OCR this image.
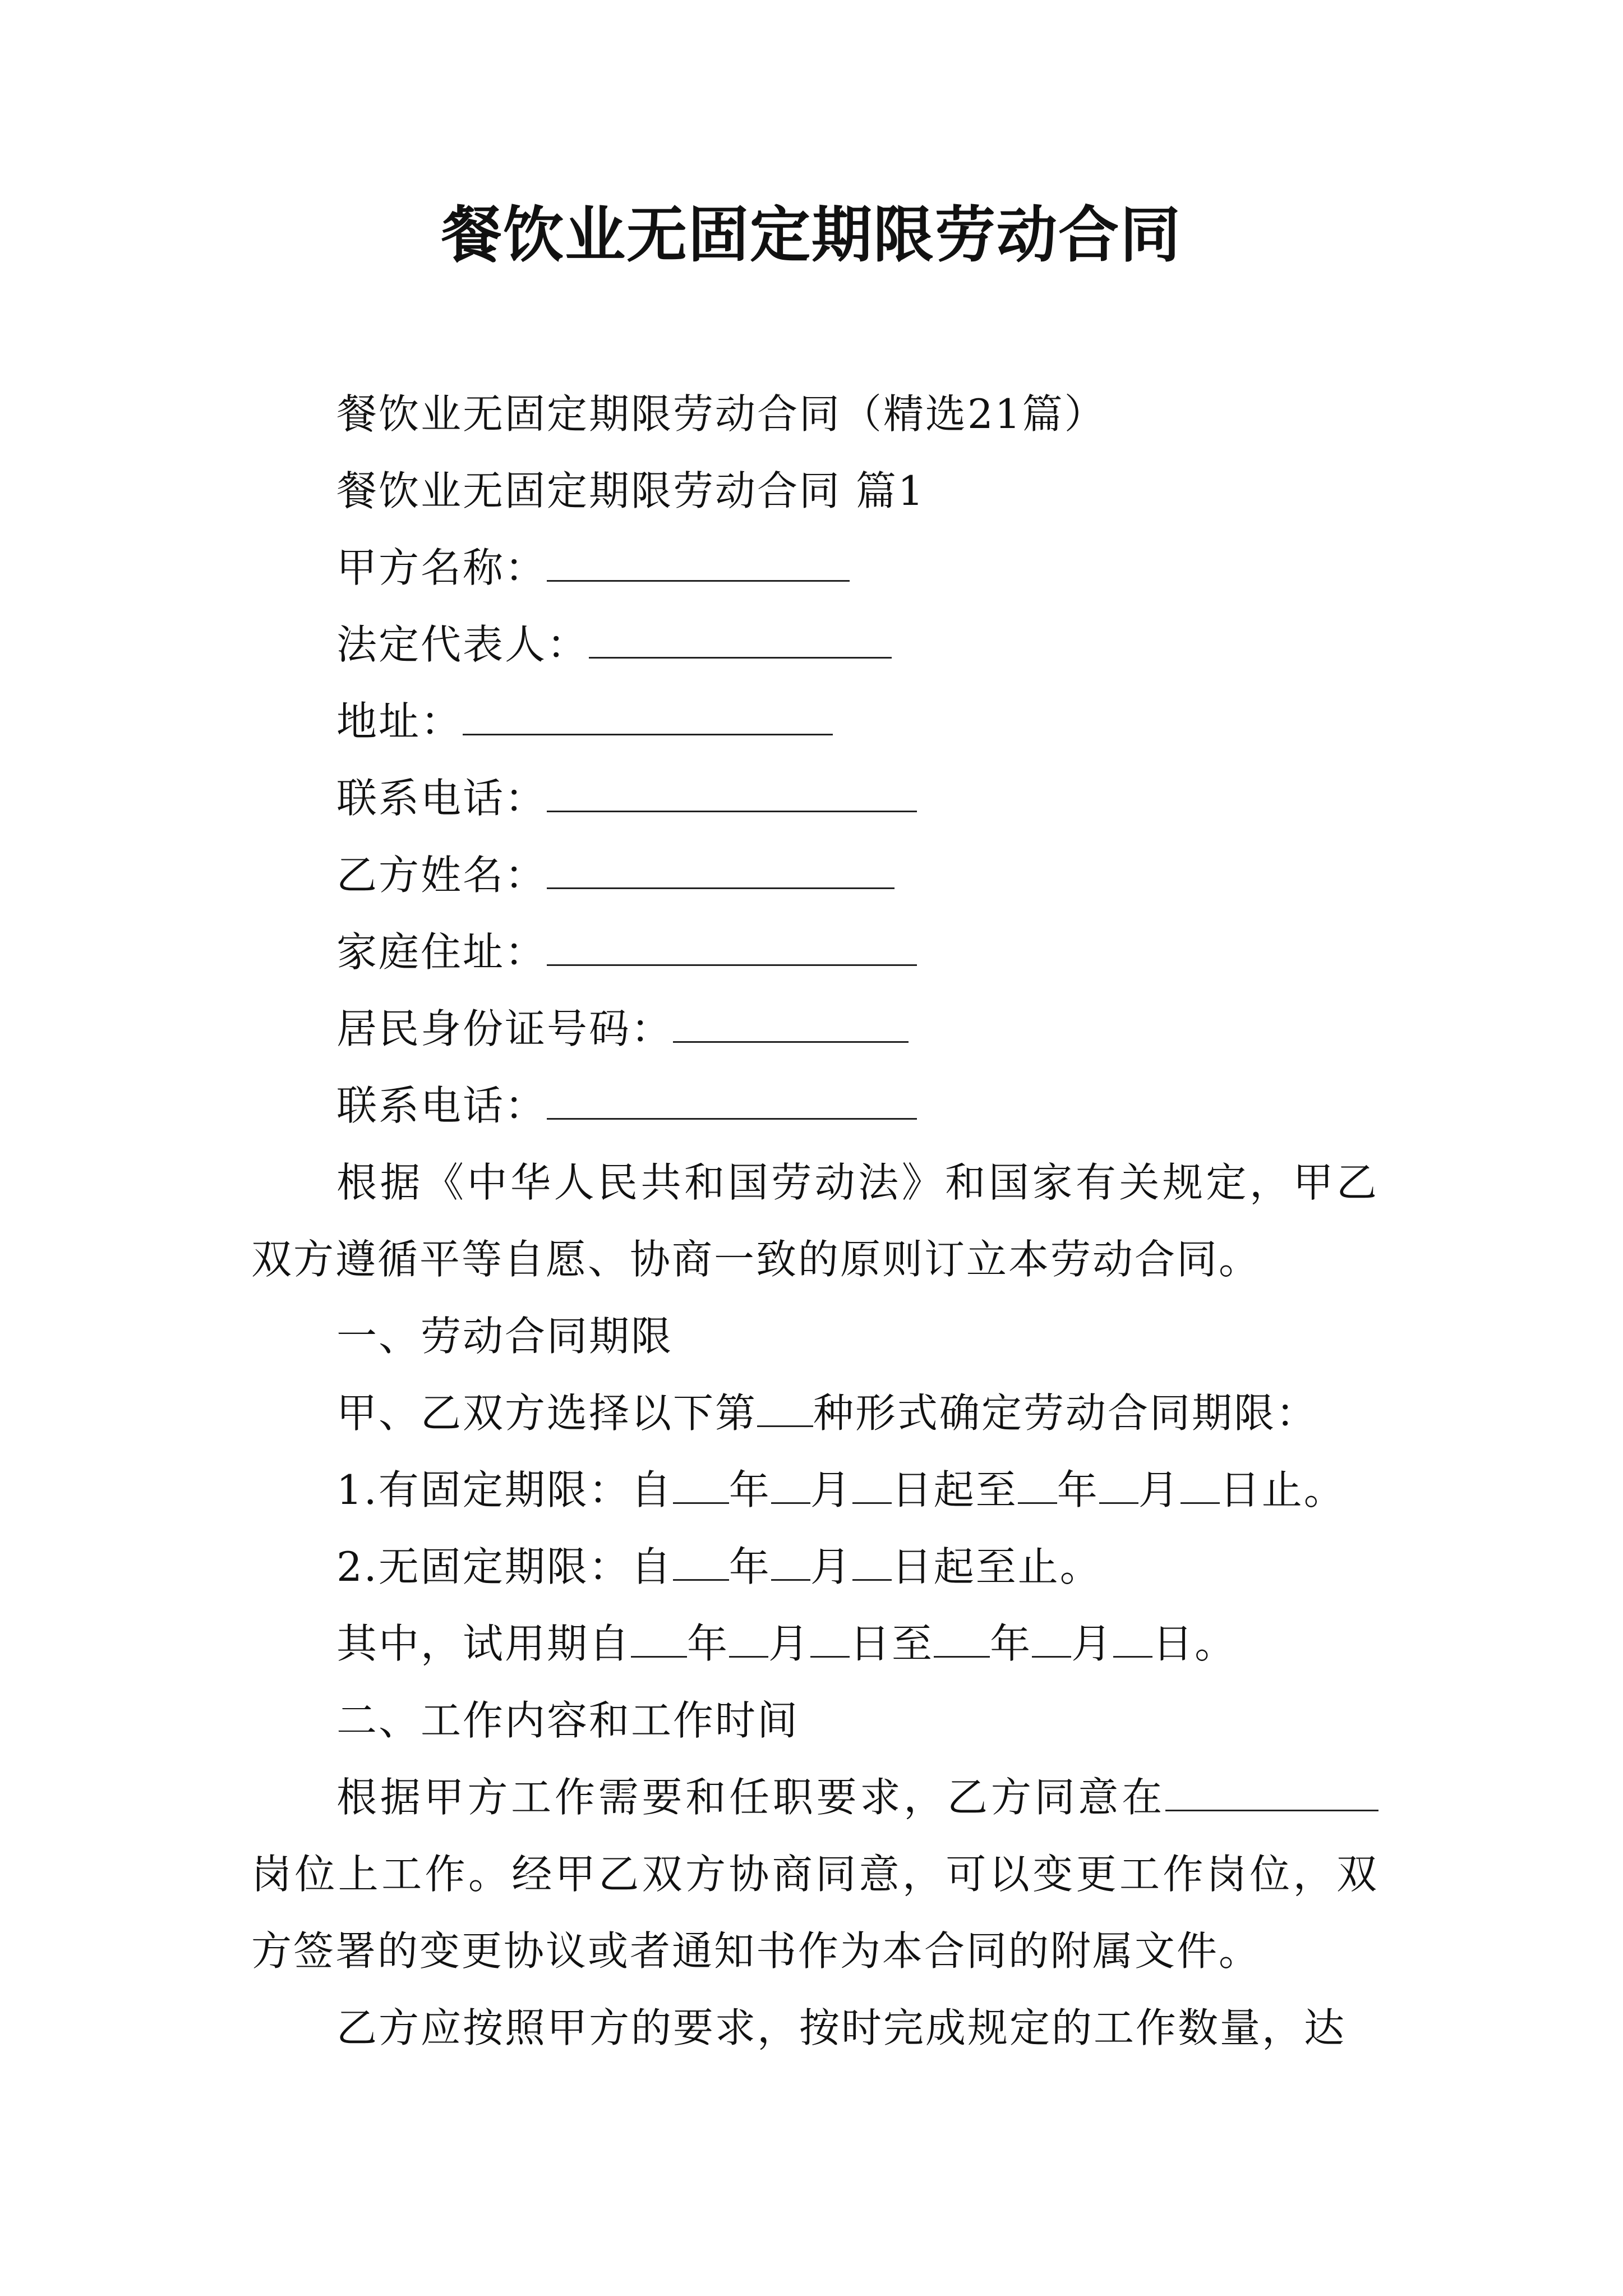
餐饮业无固定期限劳动合同

餐饮业无固定期限劳动合同（精选21篇）

餐饮业无固定期限劳动合同 篇1

甲方名称：

法定代表人：

地址：

联系电话：

乙方姓名：

家庭住址：

居民身份证号码：

联系电话：

根据《中华人民共和国劳动法》和国家有关规定，甲乙双方遵循平等自愿、协商一致的原则订立本劳动合同。

一、劳动合同期限

甲、乙双方选择以下第 种形式确定劳动合同期限：

1.有固定期限：自 年 月 日起至 年 月 日止。

2.无固定期限：自 年 月 日起至止。

其中，试用期自 年 月 日至 年 月 日。

二、工作内容和工作时间

根据甲方工作需要和任职要求，乙方同意在岗位上工作。经甲乙双方协商同意，可以变更工作岗位，双方签署的变更协议或者通知书作为本合同的附属文件。

乙方应按照甲方的要求，按时完成规定的工作数量，达
